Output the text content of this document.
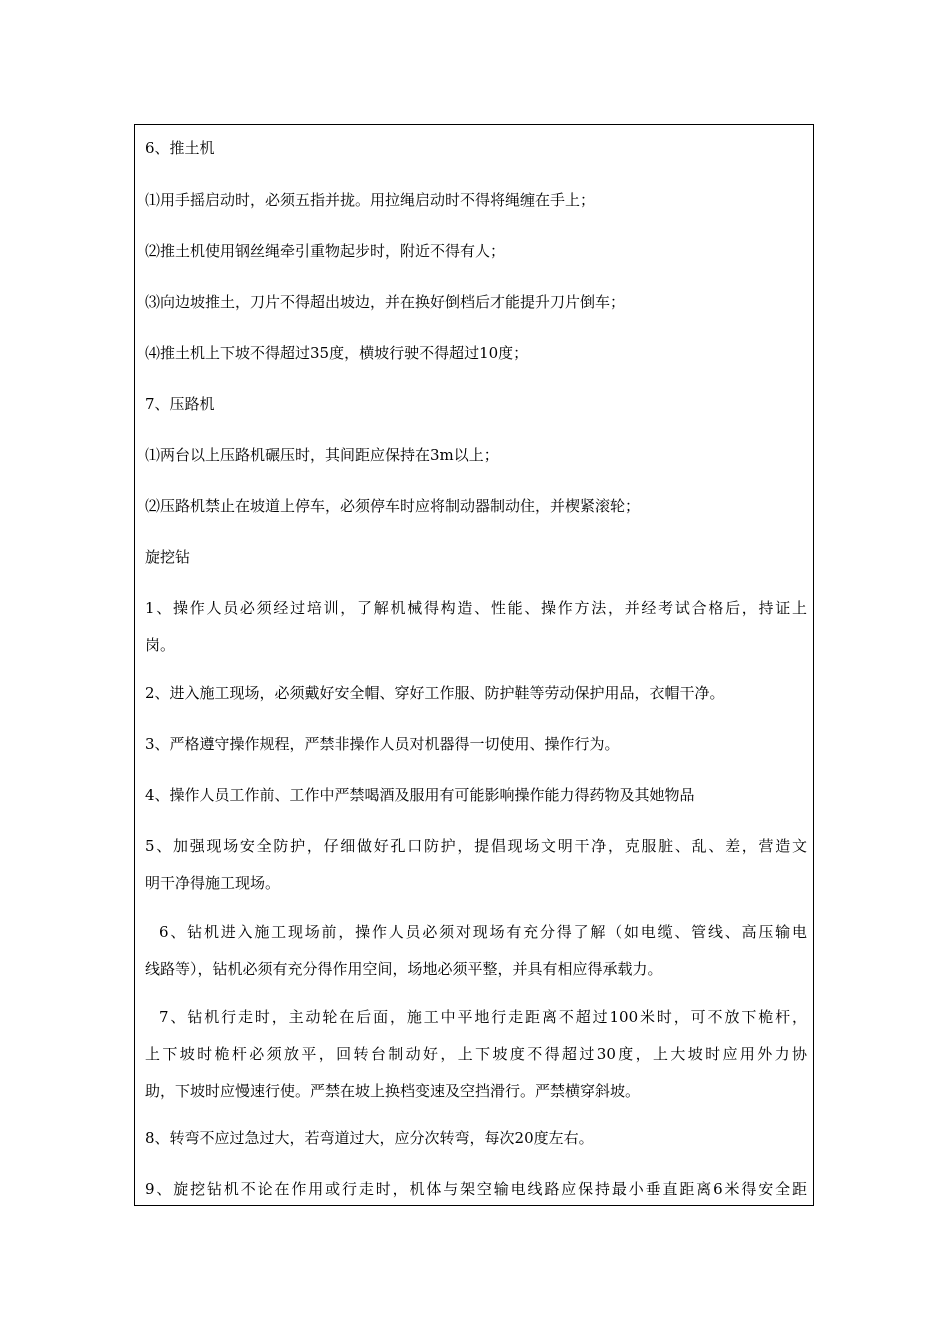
6、推土机

⑴用手摇启动时，必须五指并拢。用拉绳启动时不得将绳缠在手上；

⑵推土机使用钢丝绳牵引重物起步时，附近不得有人；

⑶向边坡推土，刀片不得超出坡边，并在换好倒档后才能提升刀片倒车；

⑷推土机上下坡不得超过35度，横坡行驶不得超过10度；

7、压路机

⑴两台以上压路机碾压时，其间距应保持在3m以上；

⑵压路机禁止在坡道上停车，必须停车时应将制动器制动住，并楔紧滚轮；

旋挖钻

1、操作人员必须经过培训，了解机械得构造、性能、操作方法，并经考试合格后，持证上
岗。

2、进入施工现场，必须戴好安全帽、穿好工作服、防护鞋等劳动保护用品，衣帽干净。

3、严格遵守操作规程，严禁非操作人员对机器得一切使用、操作行为。

4、操作人员工作前、工作中严禁喝酒及服用有可能影响操作能力得药物及其她物品

5、加强现场安全防护，仔细做好孔口防护，提倡现场文明干净，克服脏、乱、差，营造文
明干净得施工现场。

6、钻机进入施工现场前，操作人员必须对现场有充分得了解（如电缆、管线、高压输电
线路等），钻机必须有充分得作用空间，场地必须平整，并具有相应得承载力。

7、钻机行走时，主动轮在后面，施工中平地行走距离不超过100米时，可不放下桅杆，
上下坡时桅杆必须放平，回转台制动好，上下坡度不得超过30度，上大坡时应用外力协
助，下坡时应慢速行使。严禁在坡上换档变速及空挡滑行。严禁横穿斜坡。

8、转弯不应过急过大，若弯道过大，应分次转弯，每次20度左右。

9、旋挖钻机不论在作用或行走时，机体与架空输电线路应保持最小垂直距离6米得安全距
